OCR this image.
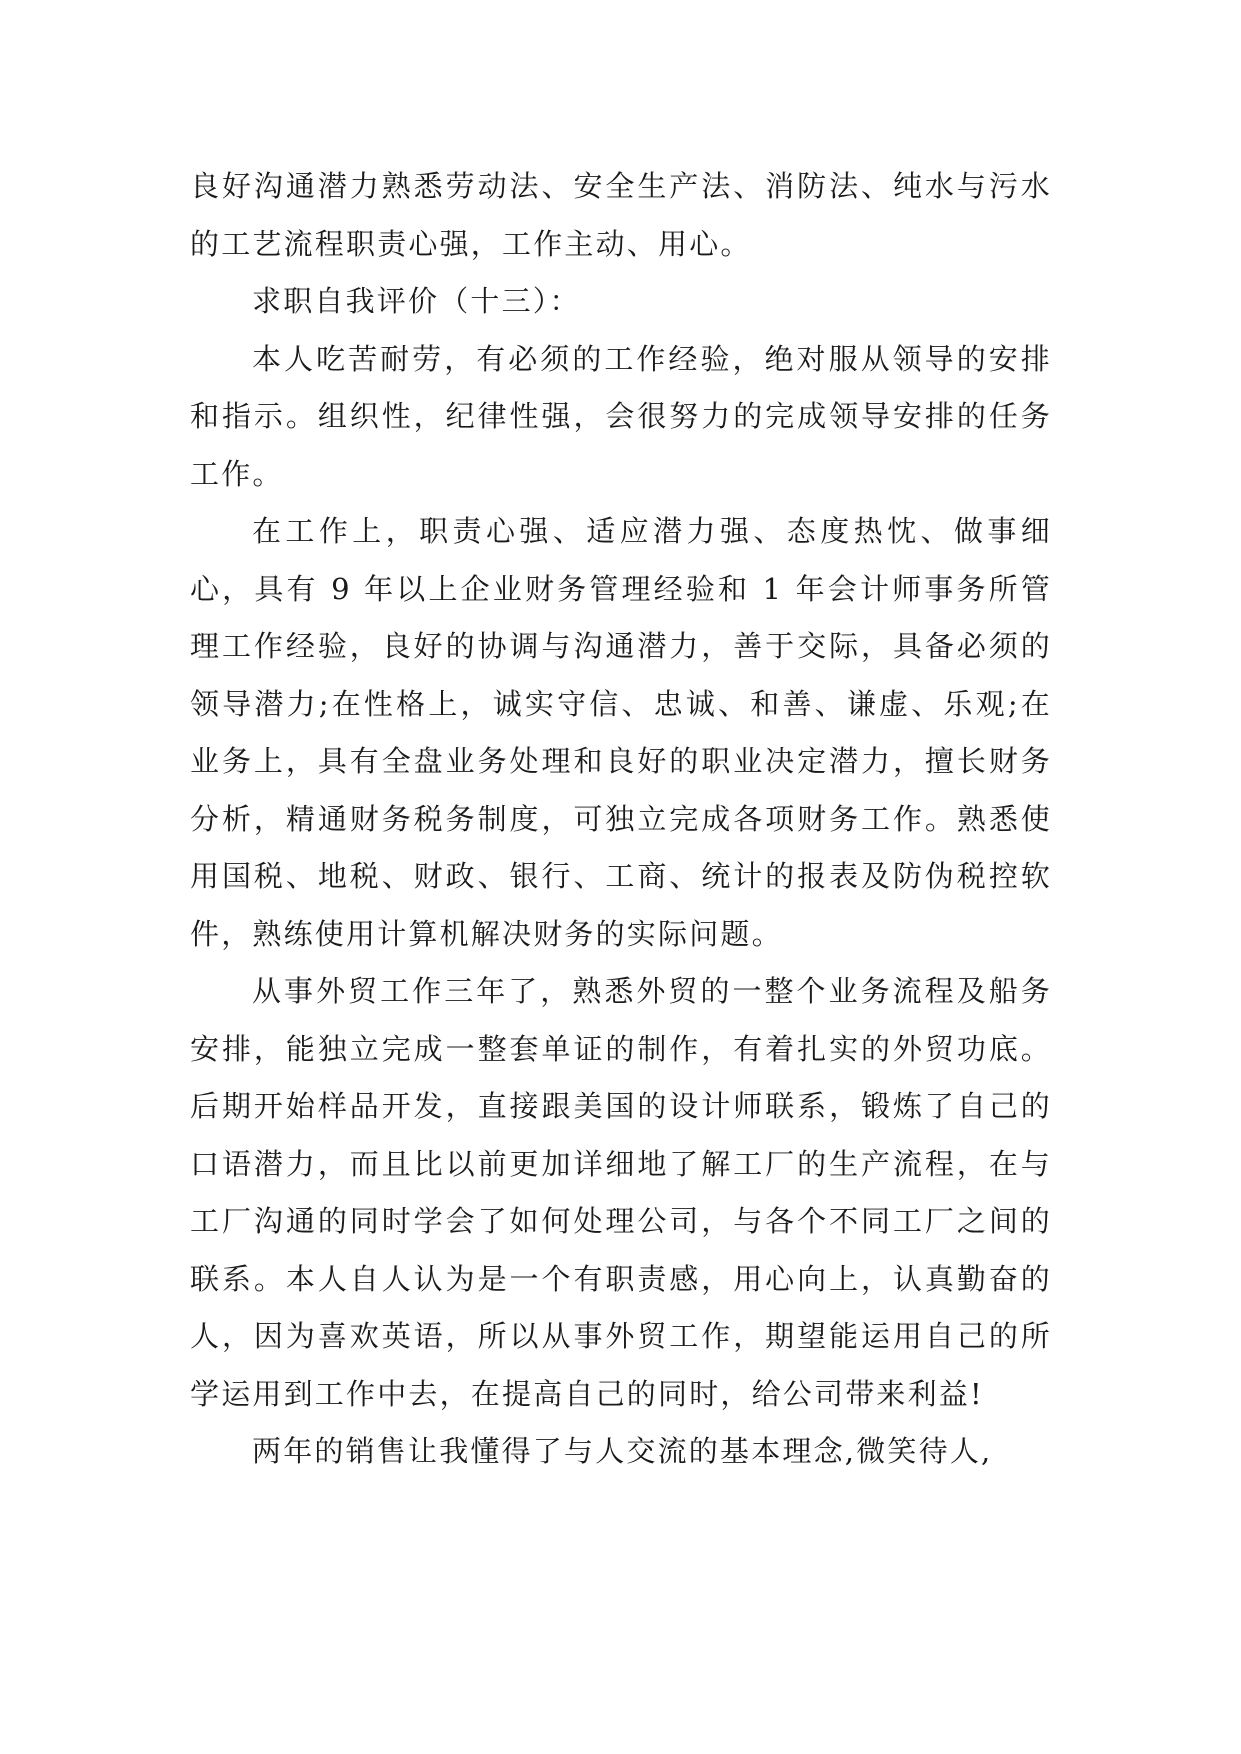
良好沟通潜力熟悉劳动法、安全生产法、消防法、纯水与污水的工艺流程职责心强，工作主动、用心。

求职自我评价（十三）：

本人吃苦耐劳，有必须的工作经验，绝对服从领导的安排和指示。组织性，纪律性强，会很努力的完成领导安排的任务工作。

在工作上，职责心强、适应潜力强、态度热忱、做事细心，具有 9 年以上企业财务管理经验和 1 年会计师事务所管理工作经验，良好的协调与沟通潜力，善于交际，具备必须的领导潜力;在性格上，诚实守信、忠诚、和善、谦虚、乐观;在业务上，具有全盘业务处理和良好的职业决定潜力，擅长财务分析，精通财务税务制度，可独立完成各项财务工作。熟悉使用国税、地税、财政、银行、工商、统计的报表及防伪税控软件，熟练使用计算机解决财务的实际问题。

从事外贸工作三年了，熟悉外贸的一整个业务流程及船务安排，能独立完成一整套单证的制作，有着扎实的外贸功底。后期开始样品开发，直接跟美国的设计师联系，锻炼了自己的口语潜力，而且比以前更加详细地了解工厂的生产流程，在与工厂沟通的同时学会了如何处理公司，与各个不同工厂之间的联系。本人自人认为是一个有职责感，用心向上，认真勤奋的人，因为喜欢英语，所以从事外贸工作，期望能运用自己的所学运用到工作中去，在提高自己的同时，给公司带来利益!

两年的销售让我懂得了与人交流的基本理念,微笑待人,
